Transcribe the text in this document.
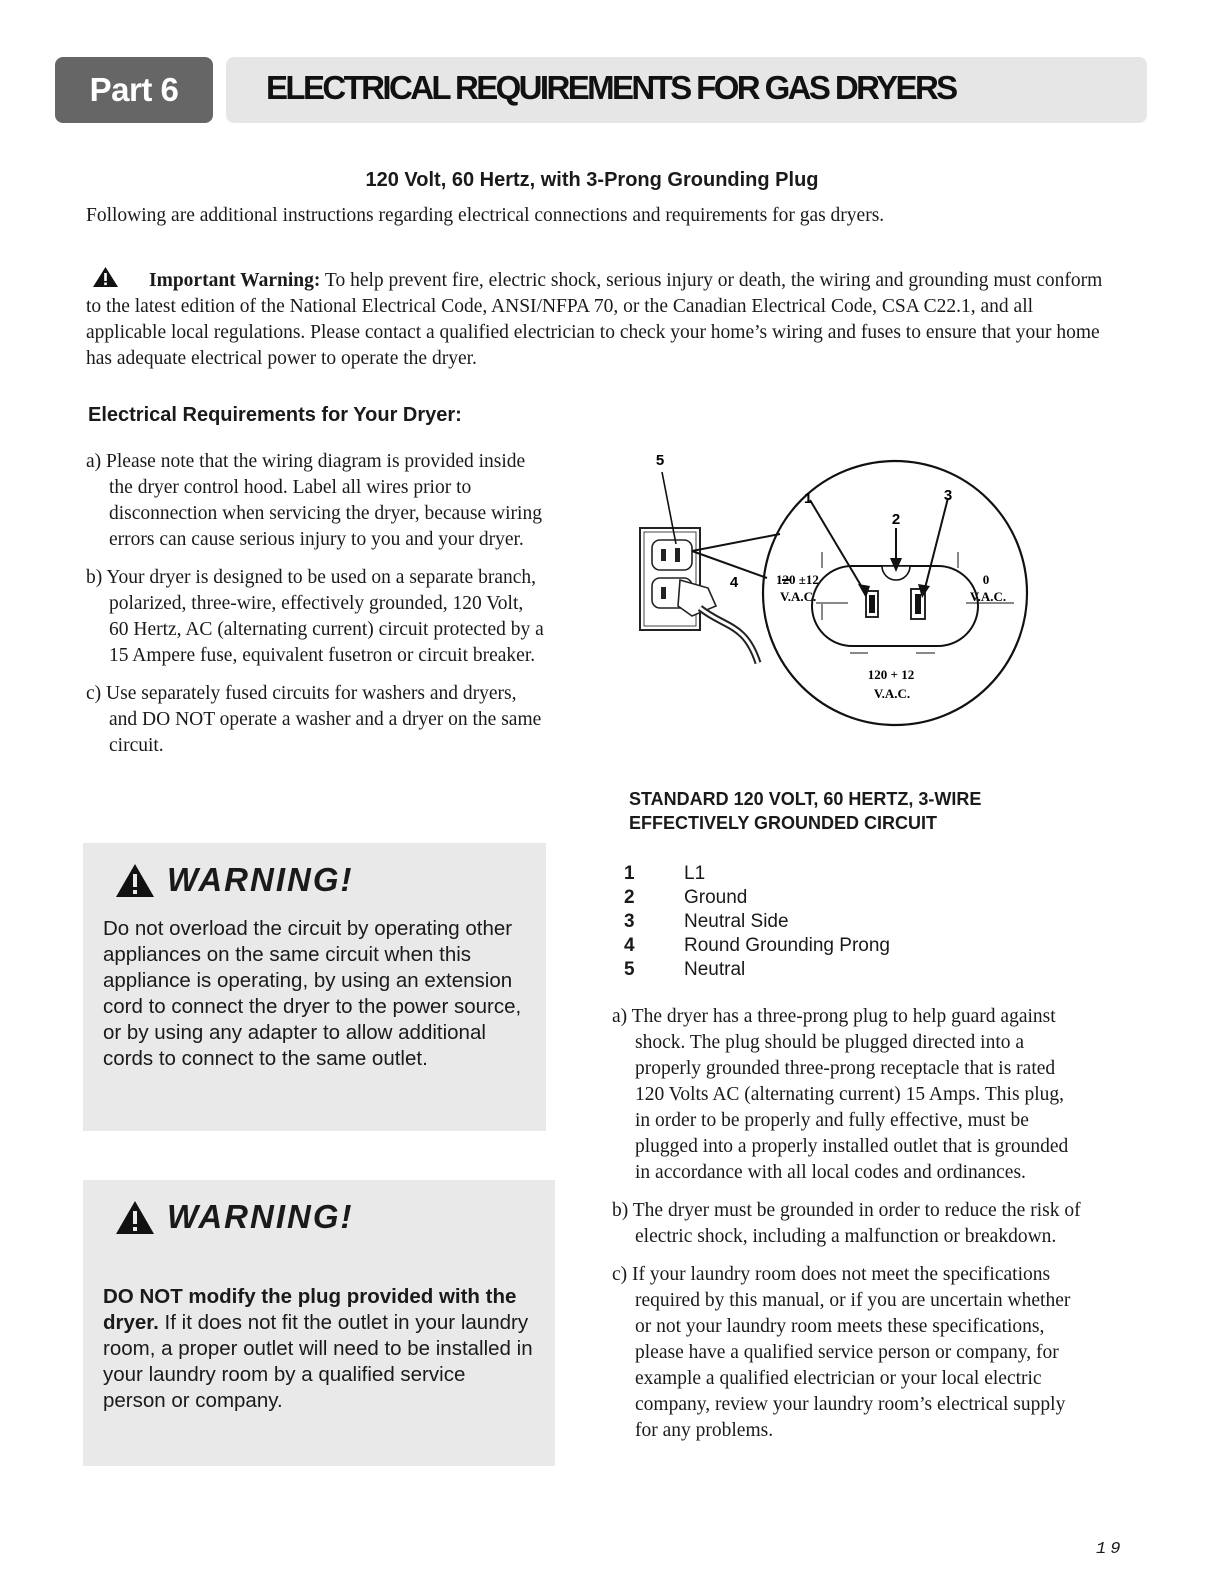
Part 6	ELECTRICAL REQUIREMENTS FOR GAS DRYERS
120 Volt, 60 Hertz, with 3-Prong Grounding Plug
Following are additional instructions regarding electrical connections and requirements for gas dryers.
Important Warning: To help prevent fire, electric shock, serious injury or death, the wiring and grounding must conform to the latest edition of the National Electrical Code, ANSI/NFPA 70, or the Canadian Electrical Code, CSA C22.1, and all applicable local regulations. Please contact a qualified electrician to check your home’s wiring and fuses to ensure that your home has adequate electrical power to operate the dryer.
Electrical Requirements for Your Dryer:
a) Please note that the wiring diagram is provided inside the dryer control hood. Label all wires prior to disconnection when servicing the dryer, because wiring errors can cause serious injury to you and your dryer.
b) Your dryer is designed to be used on a separate branch, polarized, three-wire, effectively grounded, 120 Volt, 60 Hertz, AC (alternating current) circuit protected by a 15 Ampere fuse, equivalent fusetron or circuit breaker.
c) Use separately fused circuits for washers and dryers, and DO NOT operate a washer and a dryer on the same circuit.
WARNING!
Do not overload the circuit by operating other appliances on the same circuit when this appliance is operating, by using an extension cord to connect the dryer to the power source, or by using any adapter to allow additional cords to connect to the same outlet.
WARNING!
DO NOT modify the plug provided with the dryer. If it does not fit the outlet in your laundry room, a proper outlet will need to be installed in your laundry room by a qualified service person or company.
5
1
2
3
4	120 ±12
V.A.C.
0
V.A.C.
120 + 12
V.A.C.
STANDARD 120 VOLT, 60 HERTZ, 3-WIRE EFFECTIVELY GROUNDED CIRCUIT
1	L1
2	Ground
3	Neutral Side
4	Round Grounding Prong
5	Neutral
a) The dryer has a three-prong plug to help guard against shock. The plug should be plugged directed into a properly grounded three-prong receptacle that is rated 120 Volts AC (alternating current) 15 Amps. This plug, in order to be properly and fully effective, must be plugged into a properly installed outlet that is grounded in accordance with all local codes and ordinances.
b) The dryer must be grounded in order to reduce the risk of electric shock, including a malfunction or breakdown.
c) If your laundry room does not meet the specifications required by this manual, or if you are uncertain whether or not your laundry room meets these specifications, please have a qualified service person or company, for example a qualified electrician or your local electric company, review your laundry room’s electrical supply for any problems.
19
